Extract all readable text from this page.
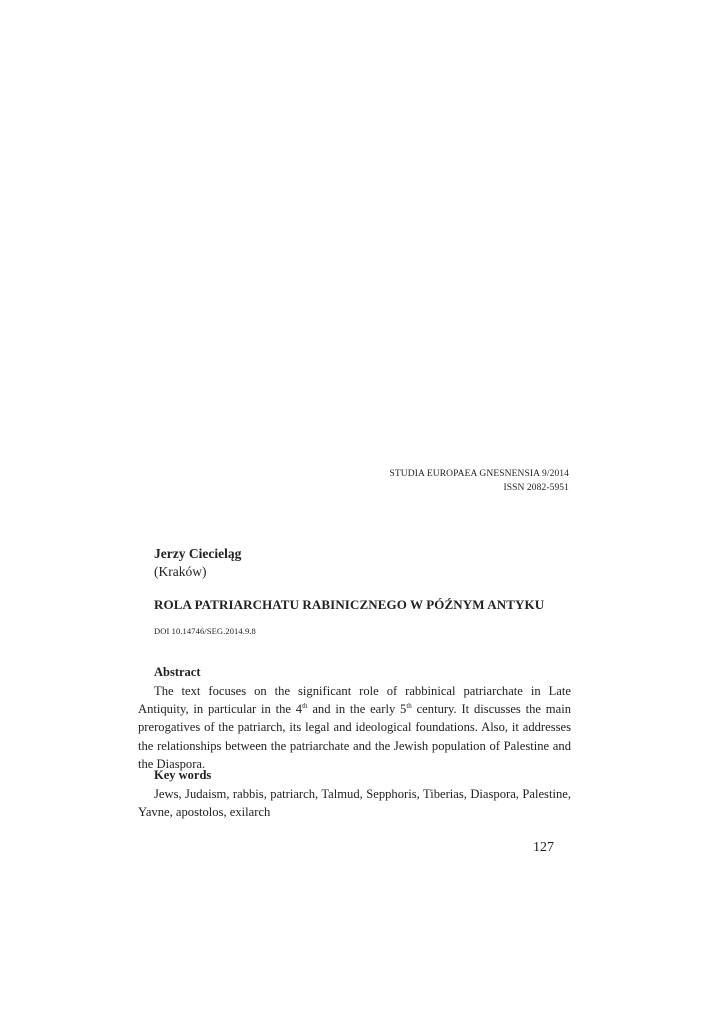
STUDIA EUROPAEA GNESNENSIA 9/2014
ISSN 2082-5951
Jerzy Ciecieląg
(Kraków)
ROLA PATRIARCHATU RABINICZNEGO W PÓŹNYM ANTYKU
DOI 10.14746/SEG.2014.9.8
Abstract
The text focuses on the significant role of rabbinical patriarchate in Late Antiquity, in particular in the 4th and in the early 5th century. It discusses the main prerogatives of the patriarch, its legal and ideological foundations. Also, it addresses the relationships between the patriarchate and the Jewish population of Palestine and the Diaspora.
Key words
Jews, Judaism, rabbis, patriarch, Talmud, Sepphoris, Tiberias, Diaspora, Palestine, Yavne, apostolos, exilarch
127
